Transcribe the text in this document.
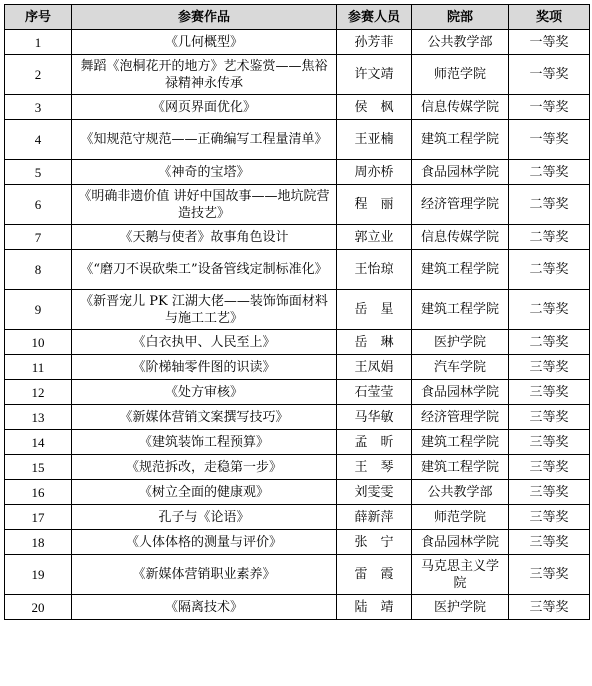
序号	参赛作品	参赛人员	院部	奖项
1	《几何概型》	孙芳菲	公共教学部	一等奖
2	舞蹈《泡桐花开的地方》艺术鉴赏——焦裕禄精神永传承	许文靖	师范学院	一等奖
3	《网页界面优化》	侯　枫	信息传媒学院	一等奖
4	《知规范守规范——正确编写工程量清单》	王亚楠	建筑工程学院	一等奖
5	《神奇的宝塔》	周亦桥	食品园林学院	二等奖
6	《明确非遗价值 讲好中国故事——地坑院营造技艺》	程　丽	经济管理学院	二等奖
7	《天鹅与使者》故事角色设计	郭立业	信息传媒学院	二等奖
8	《“磨刀不误砍柴工”设备管线定制标准化》	王怡琼	建筑工程学院	二等奖
9	《新晋宠儿 PK 江湖大佬——装饰饰面材料与施工工艺》	岳　星	建筑工程学院	二等奖
10	《白衣执甲、人民至上》	岳　琳	医护学院	二等奖
11	《阶梯轴零件图的识读》	王凤娟	汽车学院	三等奖
12	《处方审核》	石莹莹	食品园林学院	三等奖
13	《新媒体营销文案撰写技巧》	马华敏	经济管理学院	三等奖
14	《建筑装饰工程预算》	孟　昕	建筑工程学院	三等奖
15	《规范拆改，走稳第一步》	王　琴	建筑工程学院	三等奖
16	《树立全面的健康观》	刘雯雯	公共教学部	三等奖
17	孔子与《论语》	薛新萍	师范学院	三等奖
18	《人体体格的测量与评价》	张　宁	食品园林学院	三等奖
19	《新媒体营销职业素养》	雷　霞	马克思主义学院	三等奖
20	《隔离技术》	陆　靖	医护学院	三等奖
